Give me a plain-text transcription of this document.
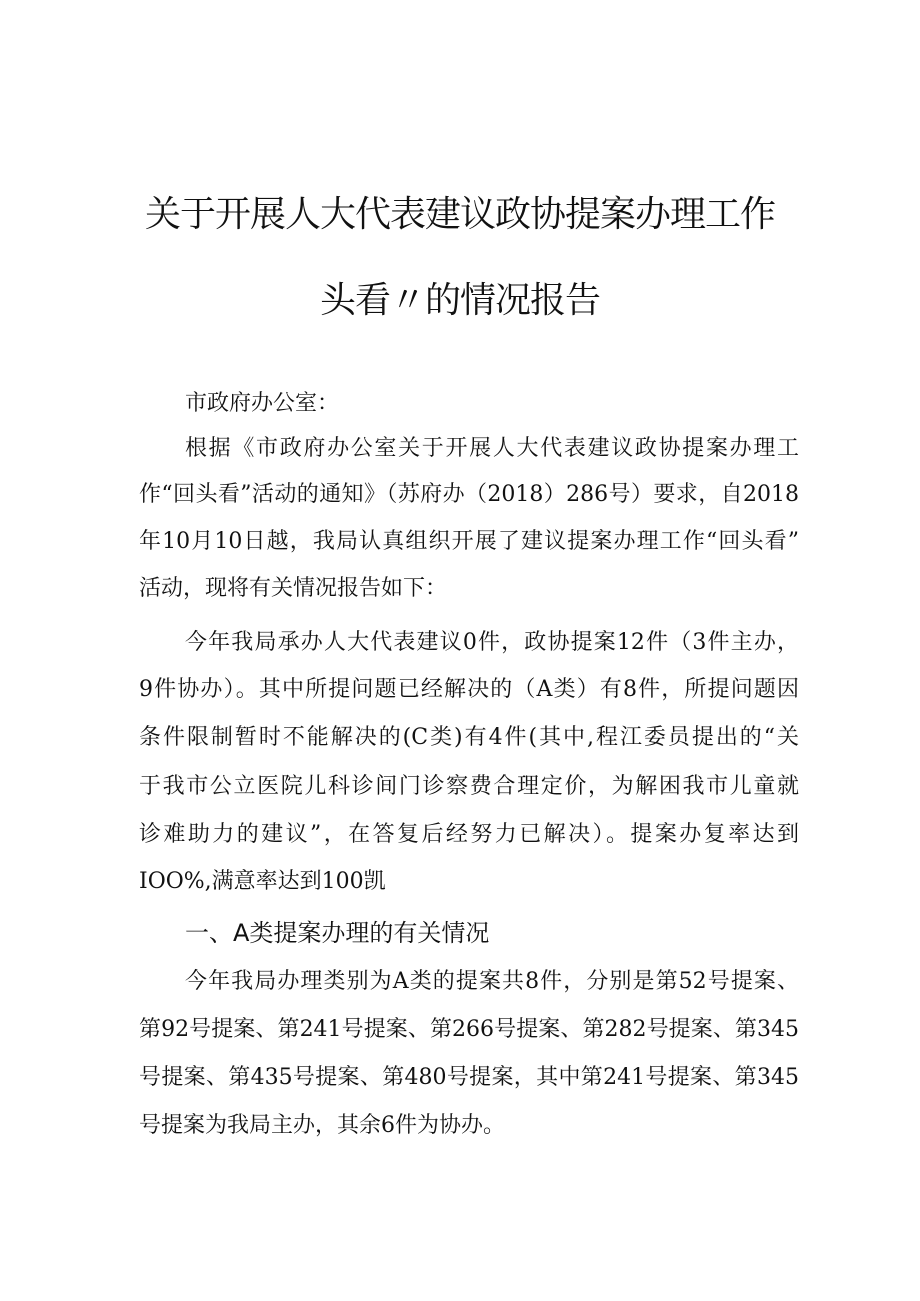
关于开展人大代表建议政协提案办理工作
头看〃的情况报告
市政府办公室：
根据《市政府办公室关于开展人大代表建议政协提案办理工
作“回头看”活动的通知》（苏府办（2018）286号）要求，自2018
年10月10日越，我局认真组织开展了建议提案办理工作“回头看”
活动，现将有关情况报告如下：
今年我局承办人大代表建议0件，政协提案12件（3件主办，
9件协办）。其中所提问题已经解决的（A类）有8件，所提问题因
条件限制暂时不能解决的(C类)有4件(其中,程江委员提出的“关
于我市公立医院儿科诊间门诊察费合理定价，为解困我市儿童就
诊难助力的建议”，在答复后经努力已解决）。提案办复率达到
IOO%,满意率达到100凯
一、A类提案办理的有关情况
今年我局办理类别为A类的提案共8件，分别是第52号提案、
第92号提案、第241号提案、第266号提案、第282号提案、第345
号提案、第435号提案、第480号提案，其中第241号提案、第345
号提案为我局主办，其余6件为协办。
